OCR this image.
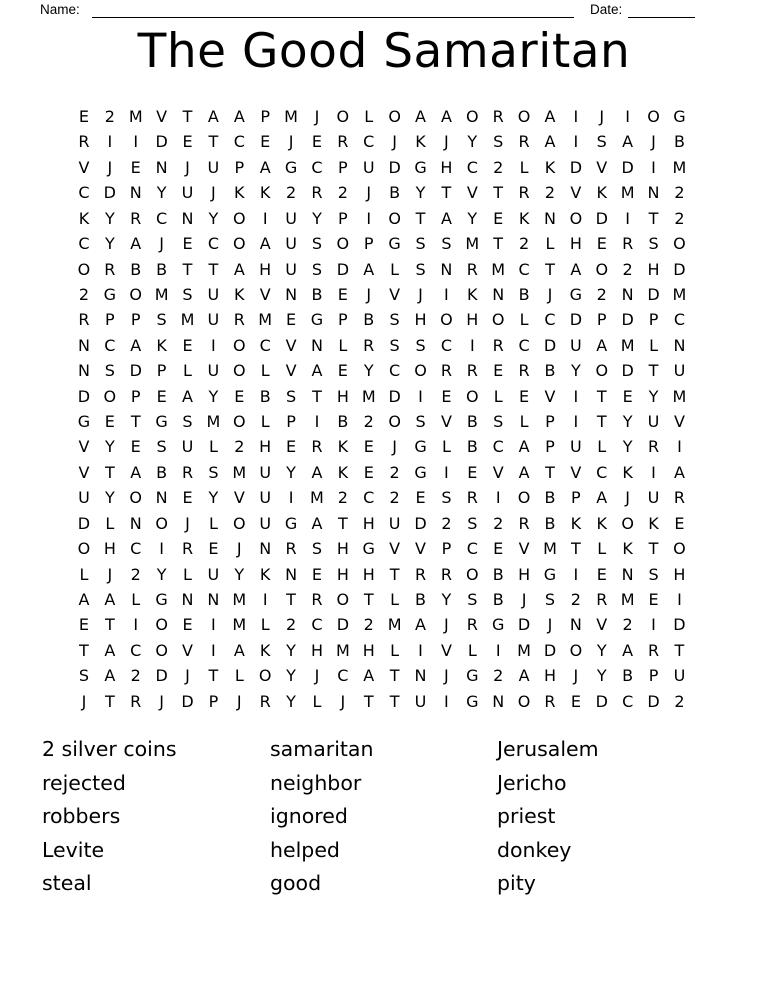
Name:	Date:
The Good Samaritan
E 2 M V T A A P M	J	O L O A A O R O A	I	J	I	O G
R	I	I	D E T C E	J	E R C	J	K	J	Y S R A	I	S A	J	B
V	J	E N	J	U P A G C P U D G H C 2	L	K D V D	I	M
C D N Y U	J	K K 2 R 2	J	B Y	T V T R 2 V K M N 2
K Y R C N Y O	I	U Y	P	I	O T A Y E K N O D	I	T 2
C Y A	J	E C O A U S O P G S S M T 2	L H E R S O
O R B B T	T A H U S D A L	S N R M C T A O 2 H D
2 G O M S U K V N B E	J	V	J	I	K N B	J	G 2 N D M
R P	P S M U R M E G P B S H O H O L C D P D P C
N C A K E	I	O C V N L R S S C	I	R C D U A M L N
N S D P	L U O L V A E Y C O R R E R B Y O D T U
D O P	E A Y E B S T H M D	I	E O L	E V	I	T E Y M
G E T G S M O L	P	I	B 2 O S V B S	L	P	I	T	Y U V
V Y E S U L	2 H E R K E	J	G L B C A P U L	Y R	I
V T A B R S M U Y A K E 2 G	I	E V A T V C K	I	A
U Y O N E Y V U	I	M 2 C 2 E S R	I	O B P A	J	U R
D L N O	J	L O U G A T H U D 2 S 2 R B K K O K E
O H C	I	R E	J	N R S H G V V P C E V M T	L	K T O
L	J	2 Y	L U Y K N E H H T R R O B H G	I	E N S H
A A L G N N M	I	T R O T	L B Y S B	J	S 2 R M E	I
E T	I	O E	I	M L	2 C D 2 M A	J	R G D	J	N V 2	I	D
T A C O V	I	A K Y H M H L	I	V L	I	M D O Y A R T
S A 2 D	J	T	L O Y	J	C A T N	J	G 2 A H	J	Y B P U
J	T R	J	D P	J	R Y	L	J	T	T U	I	G N O R E D C D 2
2 silver coins
rejected
robbers
Levite
steal
samaritan
neighbor
ignored
helped
good
Jerusalem
Jericho
priest
donkey
pity
